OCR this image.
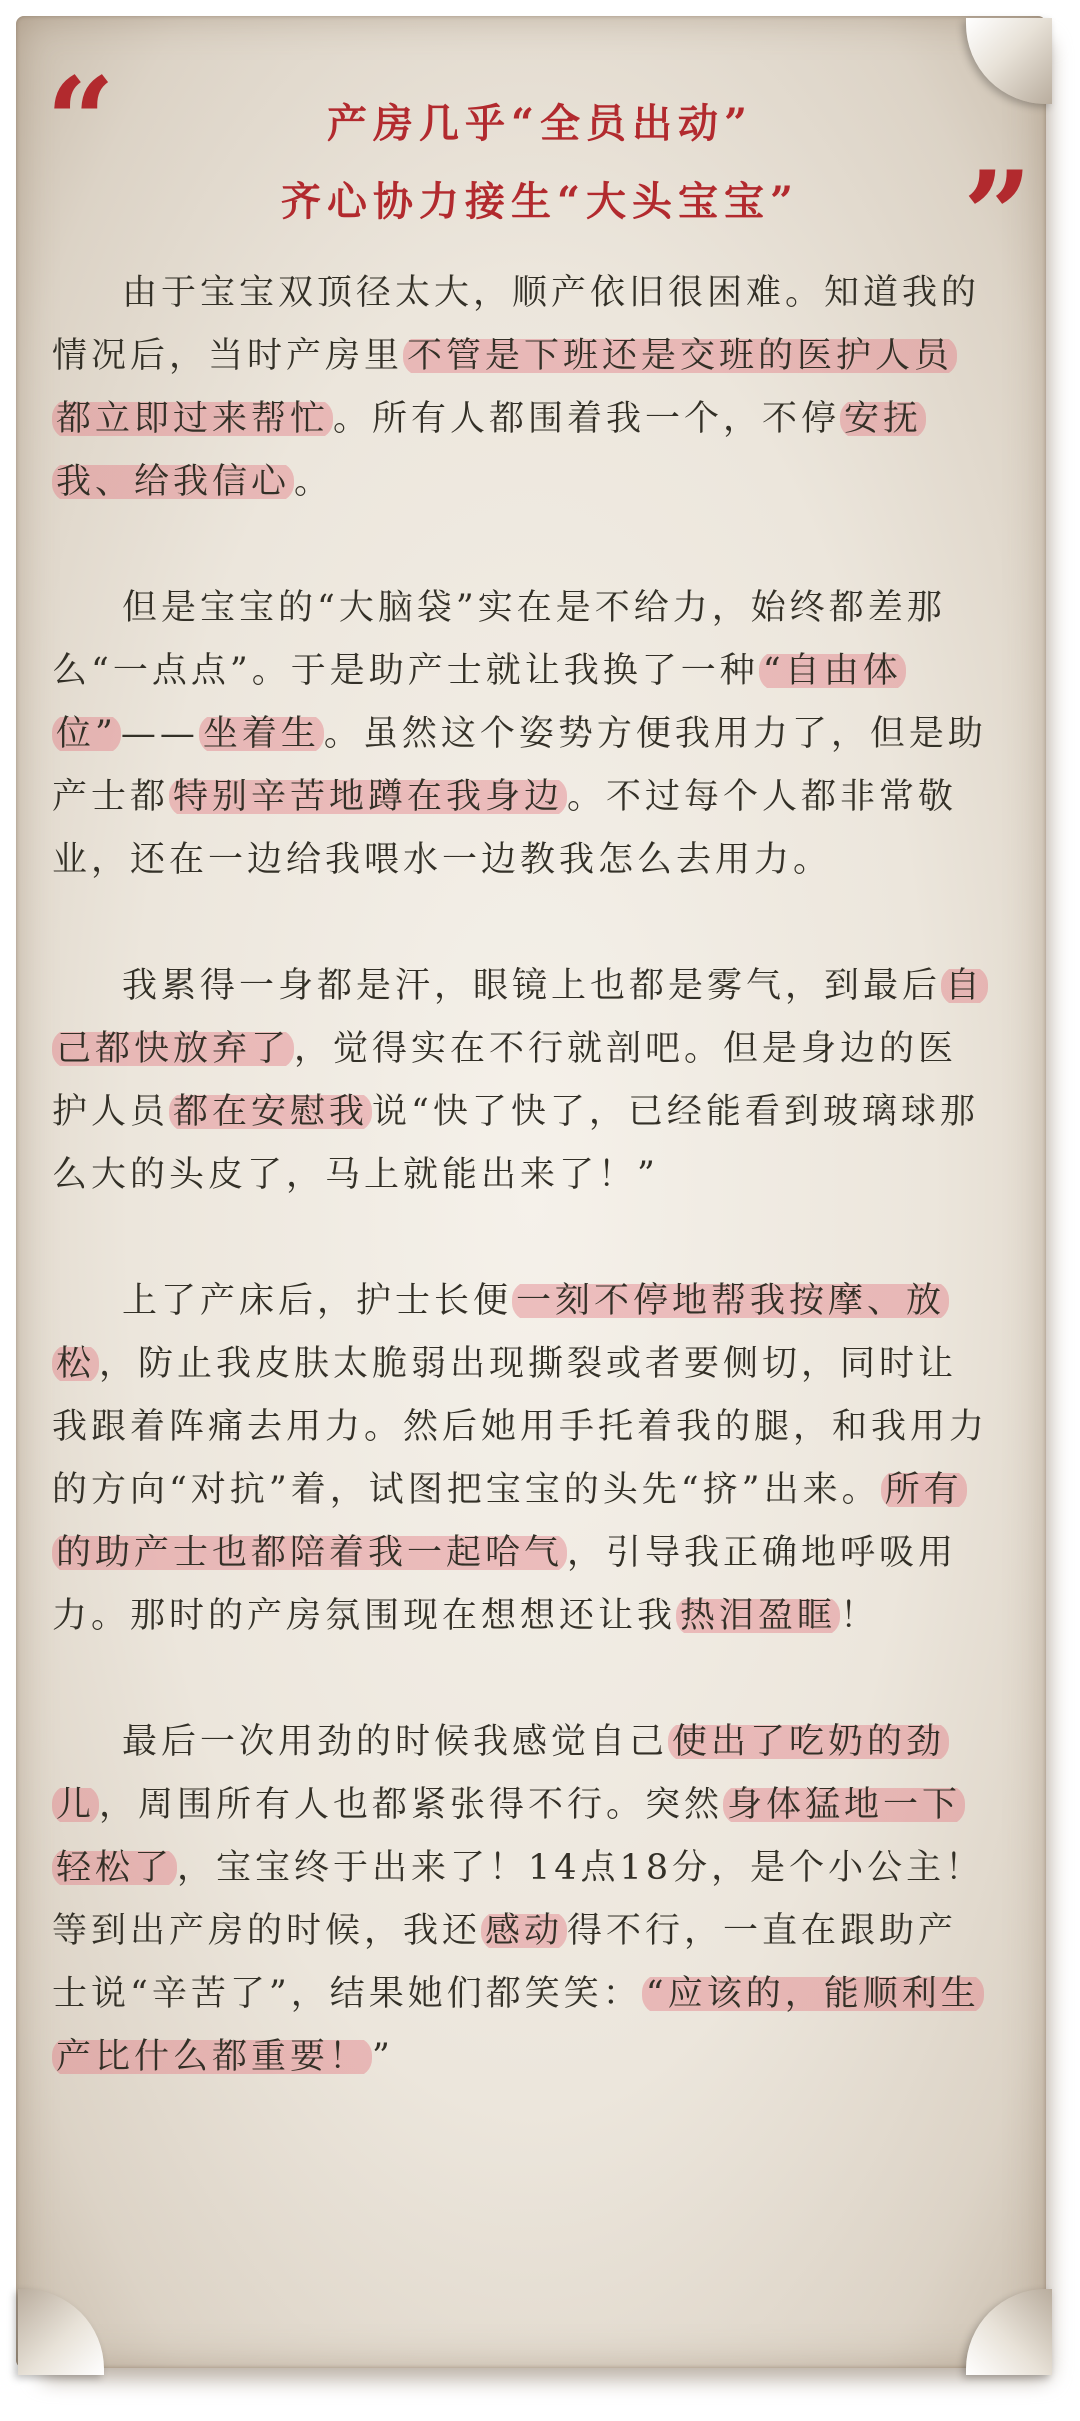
“
”
产房几乎“全员出动”
齐心协力接生“大头宝宝”

由于宝宝双顶径太大，顺产依旧很困难。知道我的情况后，当时产房里 不管是下班还是交班的医护人员都立即过来帮忙 。所有人都围着我一个，不停 安抚我、给我信心 。

但是宝宝的“大脑袋”实在是不给力，始终都差那么“一点点”。于是助产士就让我换了一种 “自由体位” —— 坐着生 。虽然这个姿势方便我用力了，但是助产士都 特别辛苦地蹲在我身边 。不过每个人都非常敬业，还在一边给我喂水一边教我怎么去用力。

我累得一身都是汗，眼镜上也都是雾气，到最后 自己都快放弃了 ，觉得实在不行就剖吧。但是身边的医护人员 都在安慰我 说“快了快了，已经能看到玻璃球那么大的头皮了，马上就能出来了！”

上了产床后，护士长便 一刻不停地帮我按摩、放松 ，防止我皮肤太脆弱出现撕裂或者要侧切，同时让我跟着阵痛去用力。然后她用手托着我的腿，和我用力的方向“对抗”着，试图把宝宝的头先“挤”出来。 所有的助产士也都陪着我一起哈气 ，引导我正确地呼吸用力。那时的产房氛围现在想想还让我 热泪盈眶 ！

最后一次用劲的时候我感觉自己 使出了吃奶的劲儿 ，周围所有人也都紧张得不行。突然 身体猛地一下轻松了 ，宝宝终于出来了！14点18分，是个小公主！等到出产房的时候，我还 感动 得不行，一直在跟助产士说“辛苦了”，结果她们都笑笑： “应该的，能顺利生产比什么都重要！ ”
